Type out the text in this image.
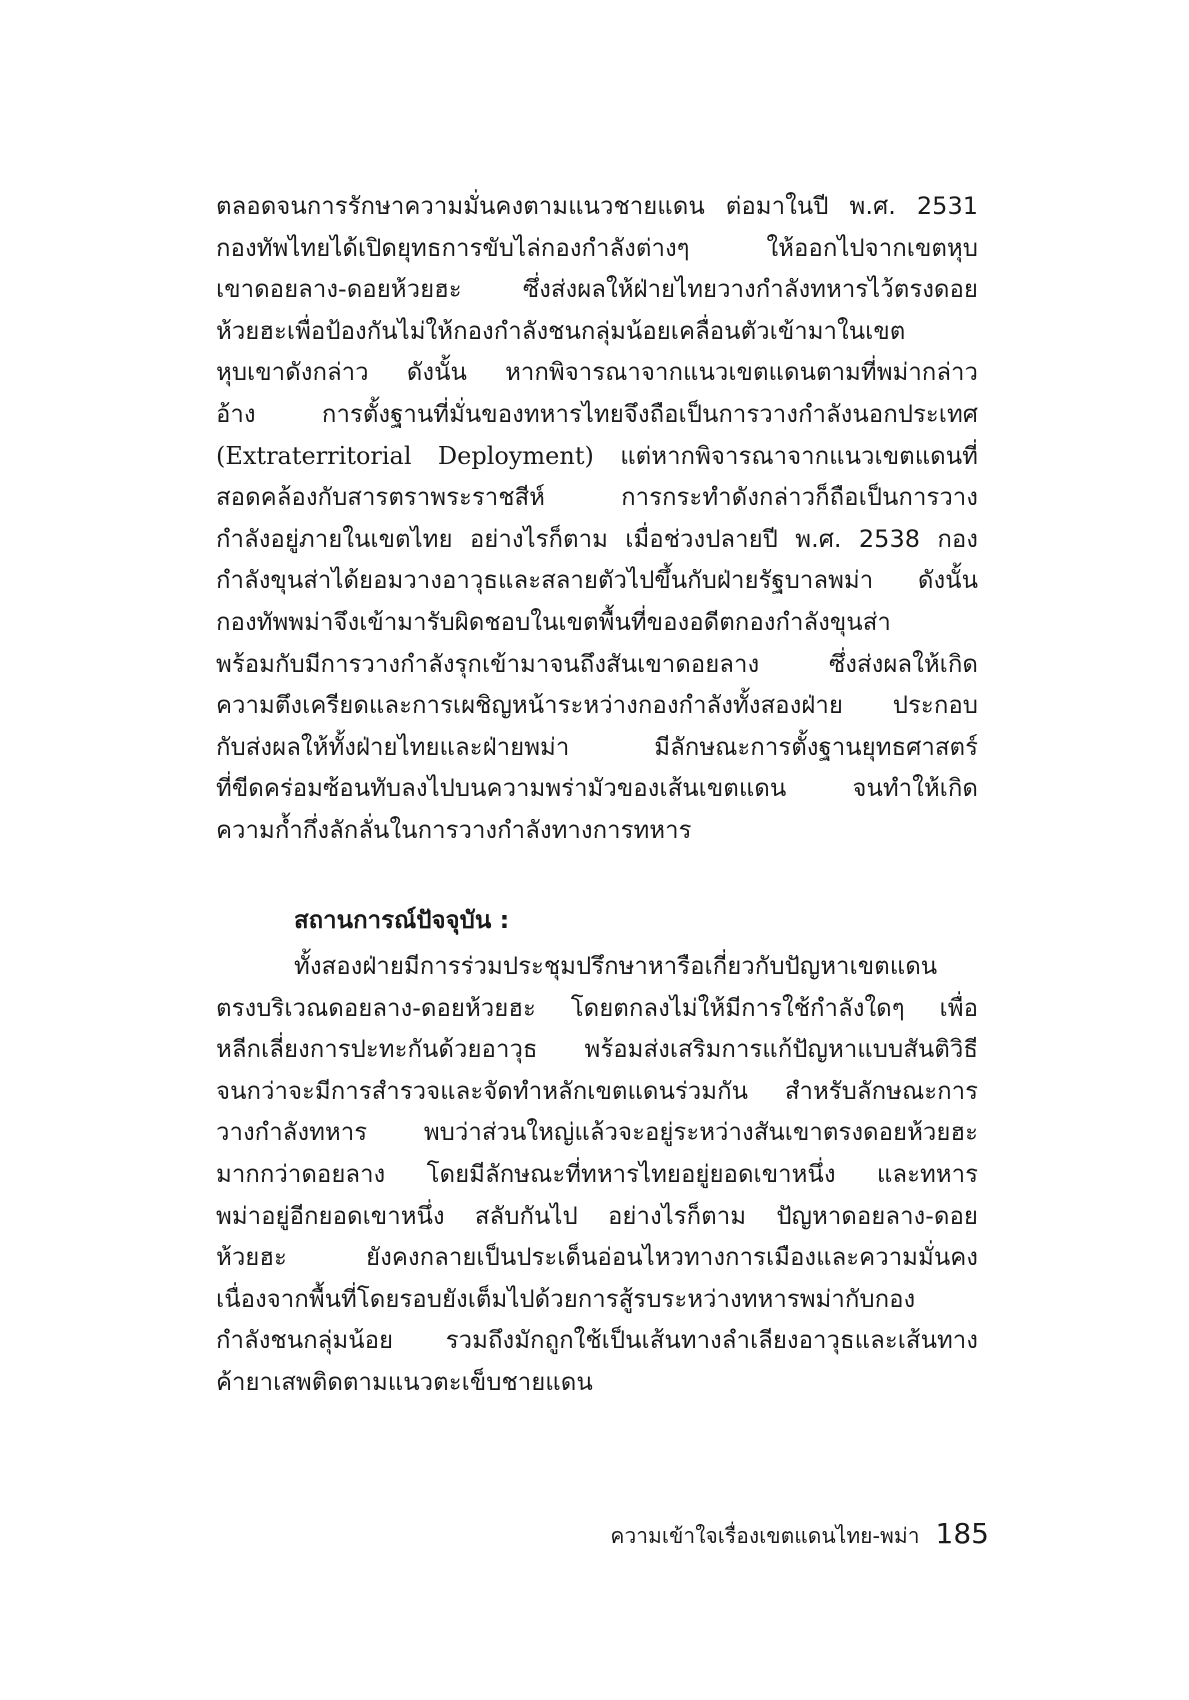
ตลอดจนการรักษาความมั่นคงตามแนวชายแดน ต่อมาในปี พ.ศ. 2531
กองทัพไทยได้เปิดยุทธการขับไล่กองกำลังต่างๆ ให้ออกไปจากเขตหุบ
เขาดอยลาง-ดอยห้วยฮะ ซึ่งส่งผลให้ฝ่ายไทยวางกำลังทหารไว้ตรงดอย
ห้วยฮะเพื่อป้องกันไม่ให้กองกำลังชนกลุ่มน้อยเคลื่อนตัวเข้ามาในเขต
หุบเขาดังกล่าว ดังนั้น หากพิจารณาจากแนวเขตแดนตามที่พม่ากล่าว
อ้าง การตั้งฐานที่มั่นของทหารไทยจึงถือเป็นการวางกำลังนอกประเทศ
(Extraterritorial Deployment) แต่หากพิจารณาจากแนวเขตแดนที่
สอดคล้องกับสารตราพระราชสีห์ การกระทำดังกล่าวก็ถือเป็นการวาง
กำลังอยู่ภายในเขตไทย อย่างไรก็ตาม เมื่อช่วงปลายปี พ.ศ. 2538 กอง
กำลังขุนส่าได้ยอมวางอาวุธและสลายตัวไปขึ้นกับฝ่ายรัฐบาลพม่า ดังนั้น
กองทัพพม่าจึงเข้ามารับผิดชอบในเขตพื้นที่ของอดีตกองกำลังขุนส่า
พร้อมกับมีการวางกำลังรุกเข้ามาจนถึงสันเขาดอยลาง ซึ่งส่งผลให้เกิด
ความตึงเครียดและการเผชิญหน้าระหว่างกองกำลังทั้งสองฝ่าย ประกอบ
กับส่งผลให้ทั้งฝ่ายไทยและฝ่ายพม่า มีลักษณะการตั้งฐานยุทธศาสตร์
ที่ขีดคร่อมซ้อนทับลงไปบนความพร่ามัวของเส้นเขตแดน จนทำให้เกิด
ความก้ำกึ่งลักลั่นในการวางกำลังทางการทหาร
สถานการณ์ปัจจุบัน :
ทั้งสองฝ่ายมีการร่วมประชุมปรึกษาหารือเกี่ยวกับปัญหาเขตแดน
ตรงบริเวณดอยลาง-ดอยห้วยฮะ โดยตกลงไม่ให้มีการใช้กำลังใดๆ เพื่อ
หลีกเลี่ยงการปะทะกันด้วยอาวุธ พร้อมส่งเสริมการแก้ปัญหาแบบสันติวิธี
จนกว่าจะมีการสำรวจและจัดทำหลักเขตแดนร่วมกัน สำหรับลักษณะการ
วางกำลังทหาร พบว่าส่วนใหญ่แล้วจะอยู่ระหว่างสันเขาตรงดอยห้วยฮะ
มากกว่าดอยลาง โดยมีลักษณะที่ทหารไทยอยู่ยอดเขาหนึ่ง และทหาร
พม่าอยู่อีกยอดเขาหนึ่ง สลับกันไป อย่างไรก็ตาม ปัญหาดอยลาง-ดอย
ห้วยฮะ ยังคงกลายเป็นประเด็นอ่อนไหวทางการเมืองและความมั่นคง
เนื่องจากพื้นที่โดยรอบยังเต็มไปด้วยการสู้รบระหว่างทหารพม่ากับกอง
กำลังชนกลุ่มน้อย รวมถึงมักถูกใช้เป็นเส้นทางลำเลียงอาวุธและเส้นทาง
ค้ายาเสพติดตามแนวตะเข็บชายแดน
ความเข้าใจเรื่องเขตแดนไทย-พม่า 185
